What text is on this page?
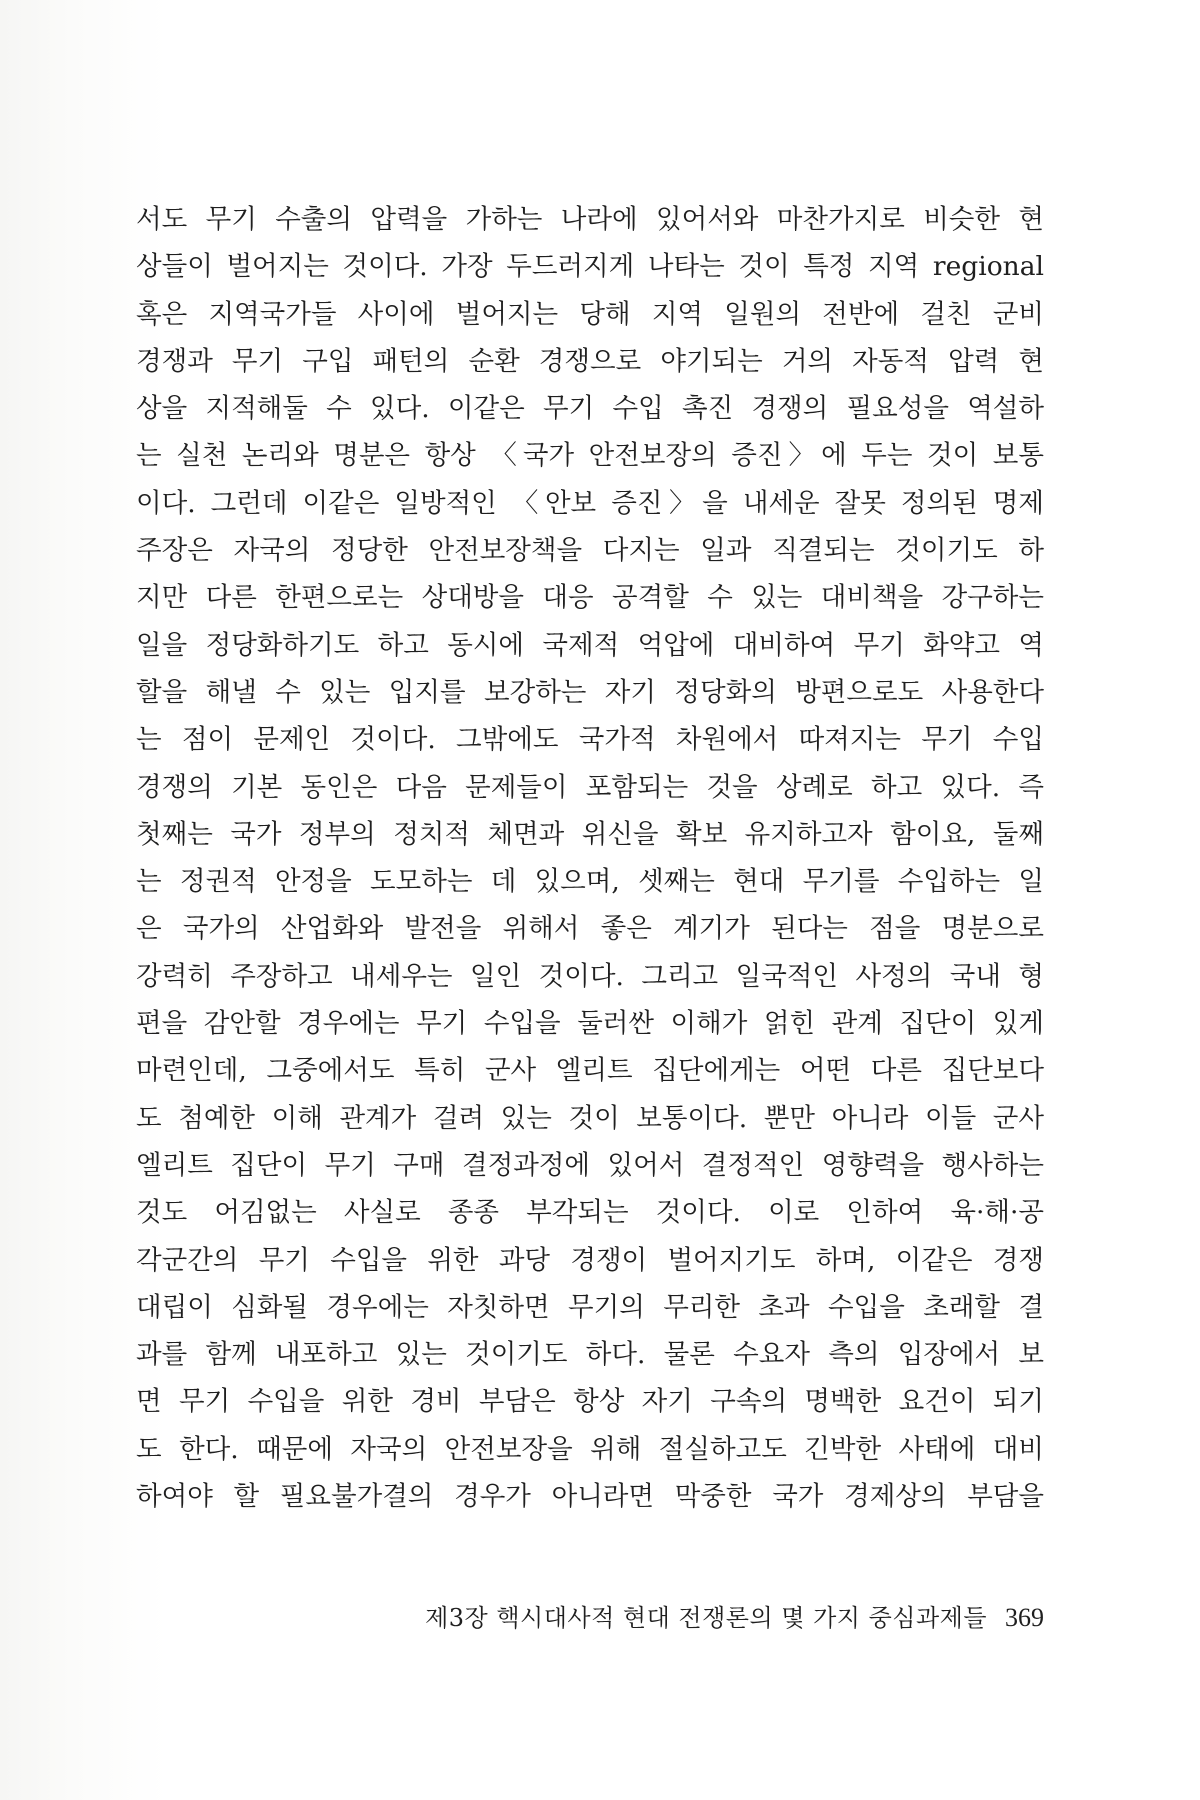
서도 무기 수출의 압력을 가하는 나라에 있어서와 마찬가지로 비슷한 현
상들이 벌어지는 것이다. 가장 두드러지게 나타는 것이 특정 지역 regional
혹은 지역국가들 사이에 벌어지는 당해 지역 일원의 전반에 걸친 군비
경쟁과 무기 구입 패턴의 순환 경쟁으로 야기되는 거의 자동적 압력 현
상을 지적해둘 수 있다. 이같은 무기 수입 촉진 경쟁의 필요성을 역설하
는 실천 논리와 명분은 항상 〈국가 안전보장의 증진〉에 두는 것이 보통
이다. 그런데 이같은 일방적인 〈안보 증진〉을 내세운 잘못 정의된 명제
주장은 자국의 정당한 안전보장책을 다지는 일과 직결되는 것이기도 하
지만 다른 한편으로는 상대방을 대응 공격할 수 있는 대비책을 강구하는
일을 정당화하기도 하고 동시에 국제적 억압에 대비하여 무기 화약고 역
할을 해낼 수 있는 입지를 보강하는 자기 정당화의 방편으로도 사용한다
는 점이 문제인 것이다. 그밖에도 국가적 차원에서 따져지는 무기 수입
경쟁의 기본 동인은 다음 문제들이 포함되는 것을 상례로 하고 있다. 즉
첫째는 국가 정부의 정치적 체면과 위신을 확보 유지하고자 함이요, 둘째
는 정권적 안정을 도모하는 데 있으며, 셋째는 현대 무기를 수입하는 일
은 국가의 산업화와 발전을 위해서 좋은 계기가 된다는 점을 명분으로
강력히 주장하고 내세우는 일인 것이다. 그리고 일국적인 사정의 국내 형
편을 감안할 경우에는 무기 수입을 둘러싼 이해가 얽힌 관계 집단이 있게
마련인데, 그중에서도 특히 군사 엘리트 집단에게는 어떤 다른 집단보다
도 첨예한 이해 관계가 걸려 있는 것이 보통이다. 뿐만 아니라 이들 군사
엘리트 집단이 무기 구매 결정과정에 있어서 결정적인 영향력을 행사하는
것도 어김없는 사실로 종종 부각되는 것이다. 이로 인하여 육·해·공
각군간의 무기 수입을 위한 과당 경쟁이 벌어지기도 하며, 이같은 경쟁
대립이 심화될 경우에는 자칫하면 무기의 무리한 초과 수입을 초래할 결
과를 함께 내포하고 있는 것이기도 하다. 물론 수요자 측의 입장에서 보
면 무기 수입을 위한 경비 부담은 항상 자기 구속의 명백한 요건이 되기
도 한다. 때문에 자국의 안전보장을 위해 절실하고도 긴박한 사태에 대비
하여야 할 필요불가결의 경우가 아니라면 막중한 국가 경제상의 부담을
제3장 핵시대사적 현대 전쟁론의 몇 가지 중심과제들 369
